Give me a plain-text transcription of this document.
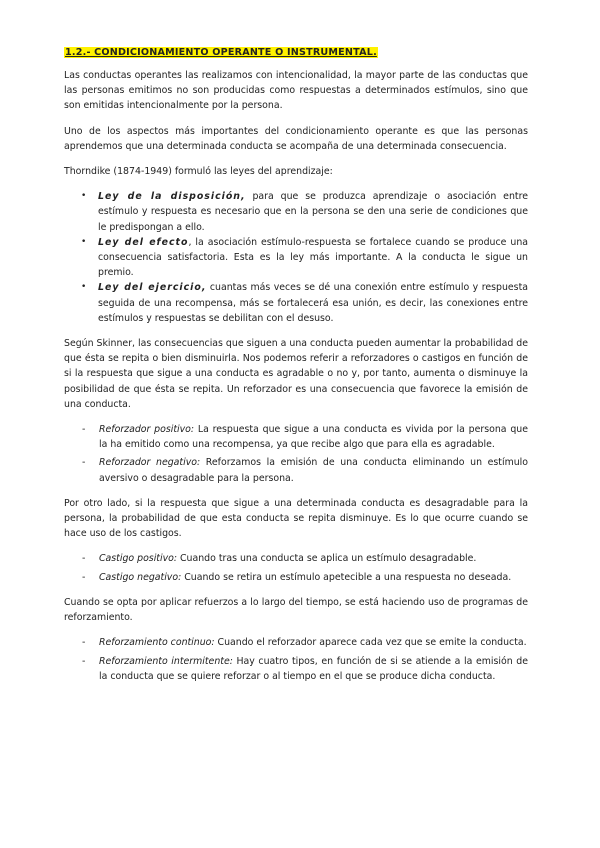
1.2.- CONDICIONAMIENTO OPERANTE O INSTRUMENTAL.

Las conductas operantes las realizamos con intencionalidad, la mayor parte de las conductas que las personas emitimos no son producidas como respuestas a determinados estímulos, sino que son emitidas intencionalmente por la persona.

Uno de los aspectos más importantes del condicionamiento operante es que las personas aprendemos que una determinada conducta se acompaña de una determinada consecuencia.

Thorndike (1874-1949) formuló las leyes del aprendizaje:

• Ley de la disposición, para que se produzca aprendizaje o asociación entre estímulo y respuesta es necesario que en la persona se den una serie de condiciones que le predispongan a ello.
• Ley del efecto, la asociación estímulo-respuesta se fortalece cuando se produce una consecuencia satisfactoria. Esta es la ley más importante. A la conducta le sigue un premio.
• Ley del ejercicio, cuantas más veces se dé una conexión entre estímulo y respuesta seguida de una recompensa, más se fortalecerá esa unión, es decir, las conexiones entre estímulos y respuestas se debilitan con el desuso.

Según Skinner, las consecuencias que siguen a una conducta pueden aumentar la probabilidad de que ésta se repita o bien disminuirla. Nos podemos referir a reforzadores o castigos en función de si la respuesta que sigue a una conducta es agradable o no y, por tanto, aumenta o disminuye la posibilidad de que ésta se repita. Un reforzador es una consecuencia que favorece la emisión de una conducta.

- Reforzador positivo: La respuesta que sigue a una conducta es vivida por la persona que la ha emitido como una recompensa, ya que recibe algo que para ella es agradable.
- Reforzador negativo: Reforzamos la emisión de una conducta eliminando un estímulo aversivo o desagradable para la persona.

Por otro lado, si la respuesta que sigue a una determinada conducta es desagradable para la persona, la probabilidad de que esta conducta se repita disminuye. Es lo que ocurre cuando se hace uso de los castigos.

- Castigo positivo: Cuando tras una conducta se aplica un estímulo desagradable.
- Castigo negativo: Cuando se retira un estímulo apetecible a una respuesta no deseada.

Cuando se opta por aplicar refuerzos a lo largo del tiempo, se está haciendo uso de programas de reforzamiento.

- Reforzamiento continuo: Cuando el reforzador aparece cada vez que se emite la conducta.
- Reforzamiento intermitente: Hay cuatro tipos, en función de si se atiende a la emisión de la conducta que se quiere reforzar o al tiempo en el que se produce dicha conducta.
